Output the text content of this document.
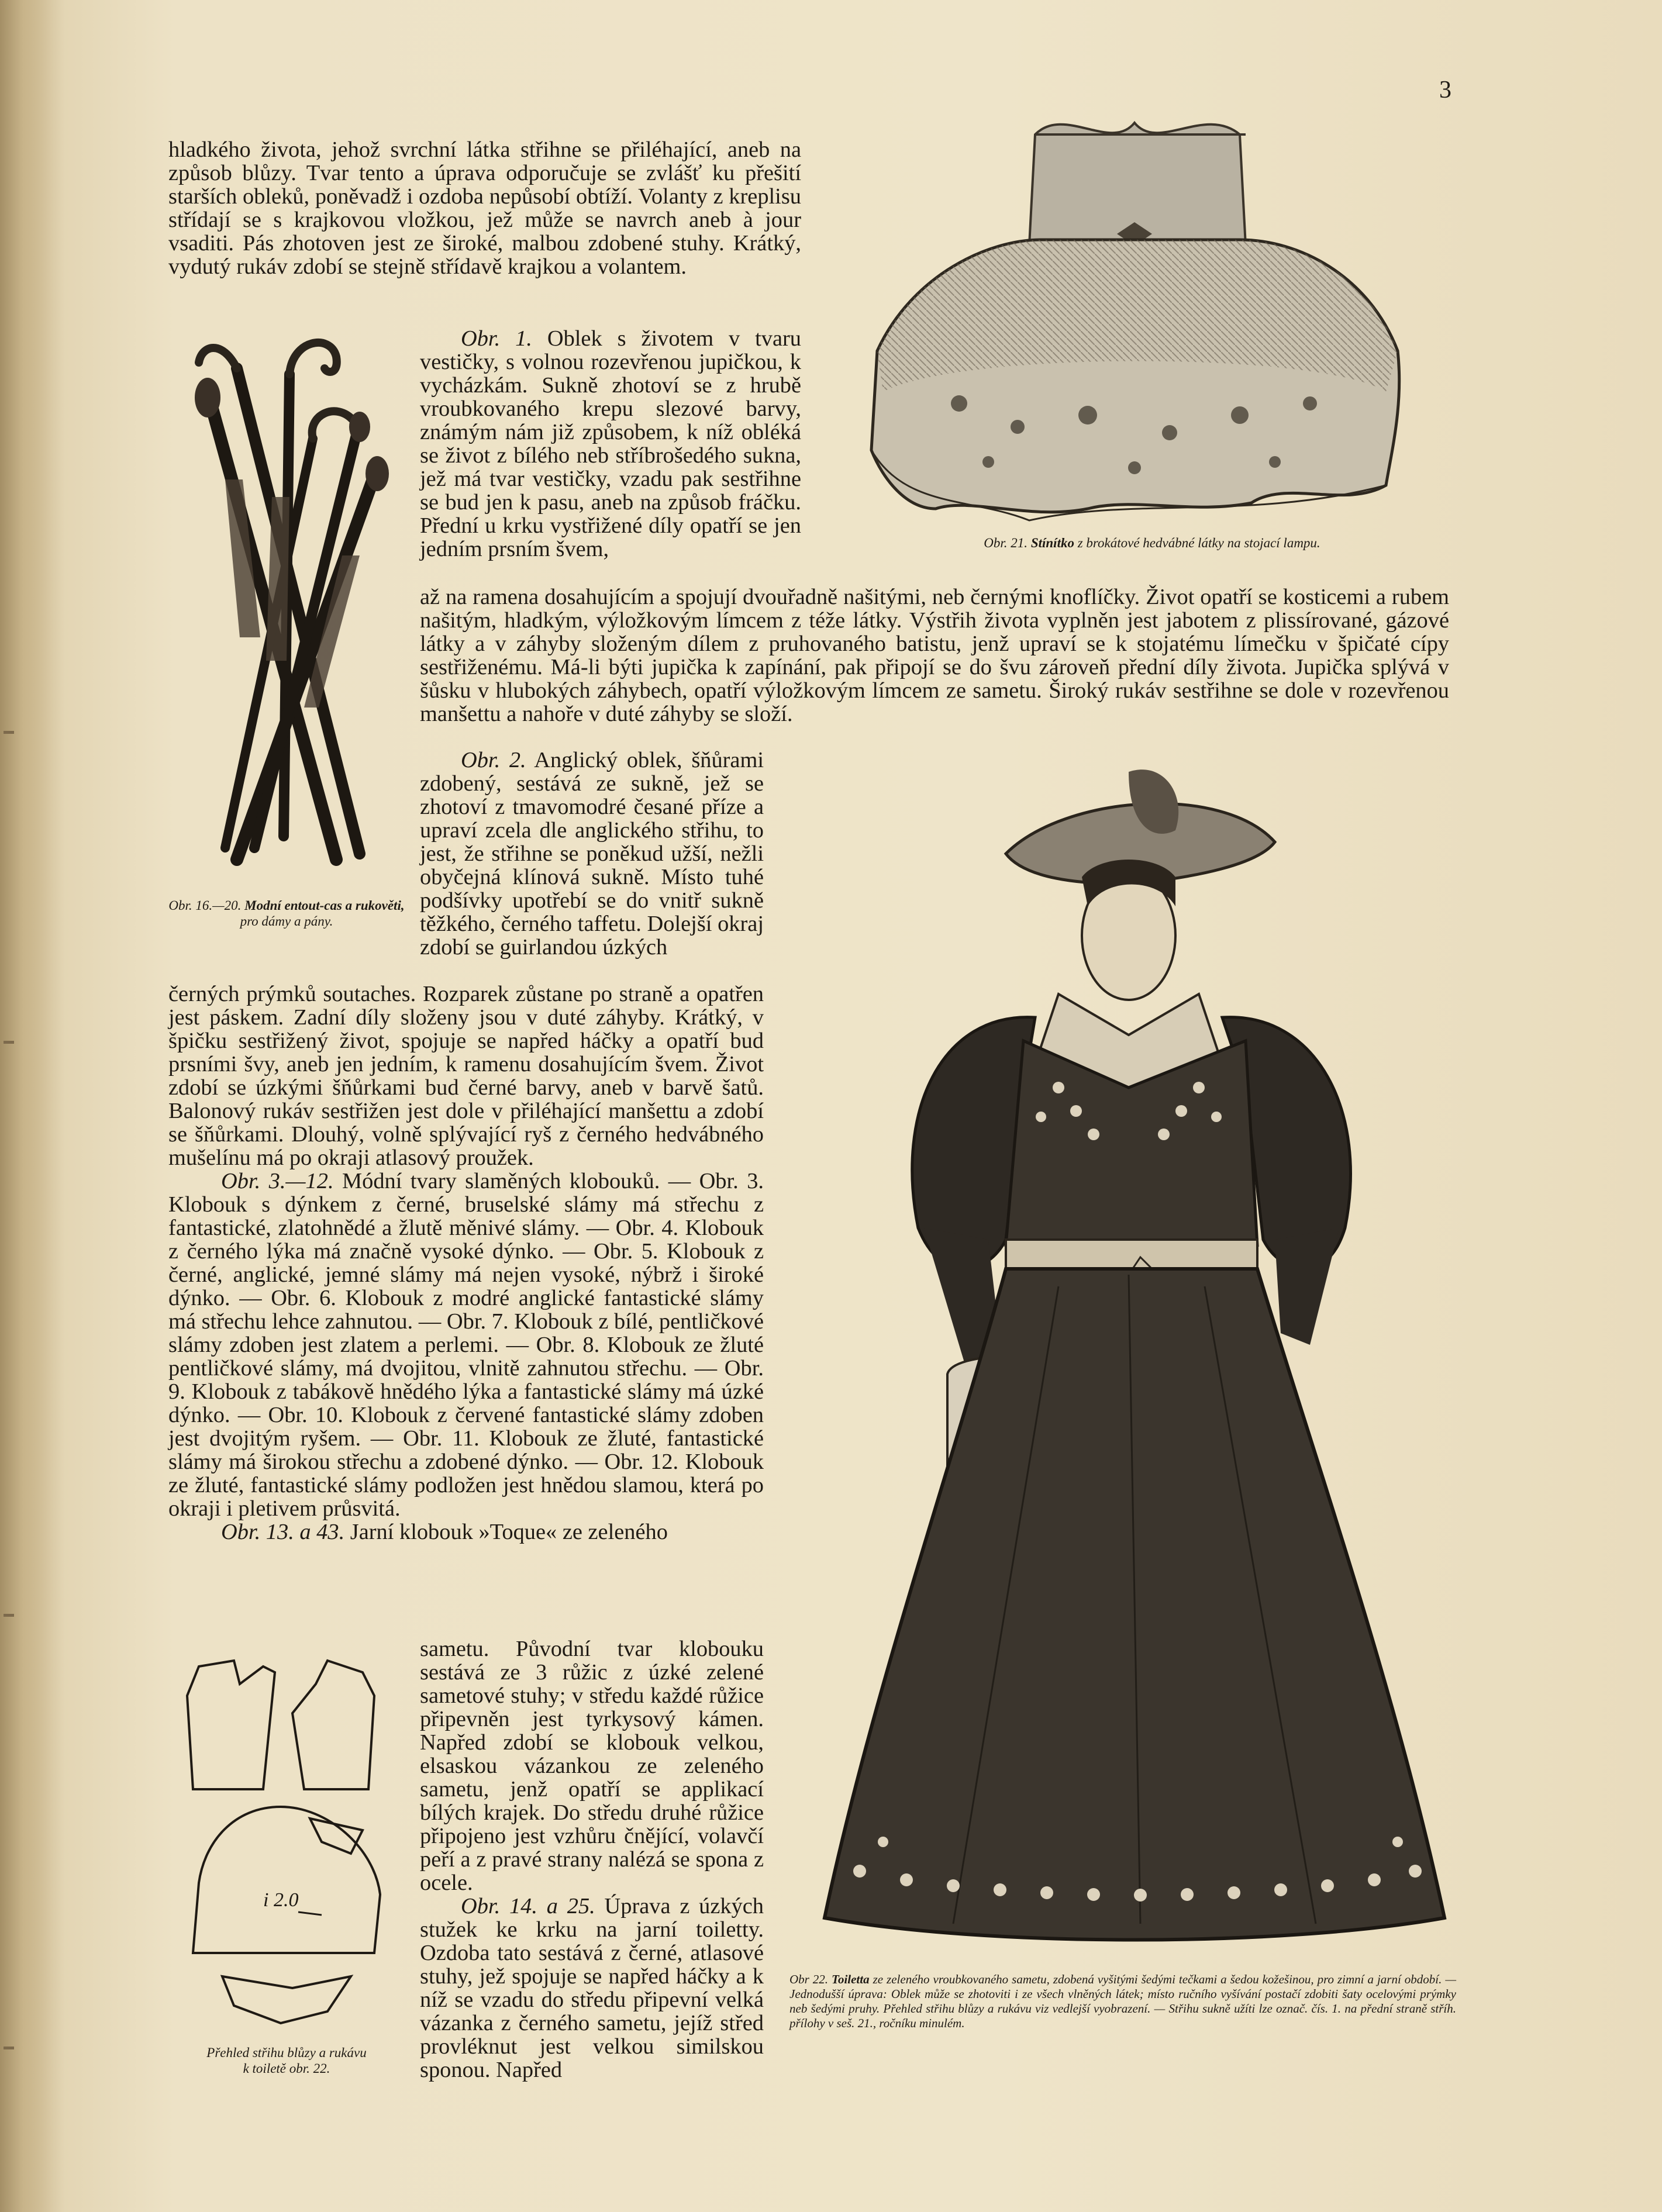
3

hladkého života, jehož svrchní látka střihne se přiléhající, aneb na způsob blůzy. Tvar tento a úprava odporučuje se zvlášť ku přešití starších obleků, poněvadž i ozdoba nepůsobí obtíží. Volanty z kreplisu střídají se s krajkovou vložkou, jež může se navrch aneb à jour vsaditi. Pás zhotoven jest ze široké, malbou zdobené stuhy. Krátký, vydutý rukáv zdobí se stejně střídavě krajkou a volantem.

Obr. 1. Oblek s životem v tvaru vestičky, s volnou rozevřenou jupičkou, k vycházkám. Sukně zhotoví se z hrubě vroubkovaného krepu slezové barvy, známým nám již způsobem, k níž obléká se život z bílého neb stříbrošedého sukna, jež má tvar vestičky, vzadu pak sestřihne se bud jen k pasu, aneb na způsob fráčku. Přední u krku vystřižené díly opatří se jen jedním prsním švem,

až na ramena dosahujícím a spojují dvouřadně našitými, neb černými knoflíčky. Život opatří se kosticemi a rubem našitým, hladkým, výložkovým límcem z téže látky. Výstřih života vyplněn jest jabotem z plissírované, gázové látky a v záhyby složeným dílem z pruhovaného batistu, jenž upraví se k stojatému límečku v špičaté cípy sestřiženému. Má-li býti jupička k zapínání, pak připojí se do švu zároveň přední díly života. Jupička splývá v šůsku v hlubokých záhybech, opatří výložkovým límcem ze sametu. Široký rukáv sestřihne se dole v rozevřenou manšettu a nahoře v duté záhyby se složí.

Obr. 2. Anglický oblek, šňůrami zdobený, sestává ze sukně, jež se zhotoví z tmavomodré česané příze a upraví zcela dle anglického střihu, to jest, že střihne se poněkud užší, nežli obyčejná klínová sukně. Místo tuhé podšívky upotřebí se do vnitř sukně těžkého, černého taffetu. Dolejší okraj zdobí se guirlandou úzkých

černých prýmků soutaches. Rozparek zůstane po straně a opatřen jest páskem. Zadní díly složeny jsou v duté záhyby. Krátký, v špičku sestřižený život, spojuje se napřed háčky a opatří bud prsními švy, aneb jen jedním, k ramenu dosahujícím švem. Život zdobí se úzkými šňůrkami bud černé barvy, aneb v barvě šatů. Balonový rukáv sestřižen jest dole v přiléhající manšettu a zdobí se šňůrkami. Dlouhý, volně splývající ryš z černého hedvábného mušelínu má po okraji atlasový proužek.

Obr. 3.—12. Módní tvary slaměných klobouků. — Obr. 3. Klobouk s dýnkem z černé, bruselské slámy má střechu z fantastické, zlatohnědé a žlutě měnivé slámy. — Obr. 4. Klobouk z černého lýka má značně vysoké dýnko. — Obr. 5. Klobouk z černé, anglické, jemné slámy má nejen vysoké, nýbrž i široké dýnko. — Obr. 6. Klobouk z modré anglické fantastické slámy má střechu lehce zahnutou. — Obr. 7. Klobouk z bílé, pentličkové slámy zdoben jest zlatem a perlemi. — Obr. 8. Klobouk ze žluté pentličkové slámy, má dvojitou, vlnitě zahnutou střechu. — Obr. 9. Klobouk z tabákově hnědého lýka a fantastické slámy má úzké dýnko. — Obr. 10. Klobouk z červené fantastické slámy zdoben jest dvojitým ryšem. — Obr. 11. Klobouk ze žluté, fantastické slámy má širokou střechu a zdobené dýnko. — Obr. 12. Klobouk ze žluté, fantastické slámy podložen jest hnědou slamou, která po okraji i pletivem průsvitá.

Obr. 13. a 43. Jarní klobouk »Toque« ze zeleného

sametu. Původní tvar klobouku sestává ze 3 růžic z úzké zelené sametové stuhy; v středu každé růžice připevněn jest tyrkysový kámen. Napřed zdobí se klobouk velkou, elsaskou vázankou ze zeleného sametu, jenž opatří se applikací bílých krajek. Do středu druhé růžice připojeno jest vzhůru čnějící, volavčí peří a z pravé strany nalézá se spona z ocele.

Obr. 14. a 25. Úprava z úzkých stužek ke krku na jarní toiletty. Ozdoba tato sestává z černé, atlasové stuhy, jež spojuje se napřed háčky a k níž se vzadu do středu připevní velká vázanka z černého sametu, jejíž střed provléknut jest velkou similskou sponou. Napřed

Obr. 16.—20. Modní entout-cas a rukověti, pro dámy a pány.
Obr. 21. Stínítko z brokátové hedvábné látky na stojací lampu.
Obr 22. Toiletta ze zeleného vroubkovaného sametu, zdobená vyšitými šedými tečkami a šedou kožešinou, pro zimní a jarní období. — Jednodušší úprava: Oblek může se zhotoviti i ze všech vlněných látek; místo ručního vyšívání postačí zdobiti šaty ocelovými prýmky neb šedými pruhy. Přehled střihu blůzy a rukávu viz vedlejší vyobrazení. — Střihu sukně užíti lze označ. čís. 1. na přední straně stříh. přílohy v seš. 21., ročníku minulém.
i 2.0
Přehled střihu blůzy a rukávu
k toiletě obr. 22.
